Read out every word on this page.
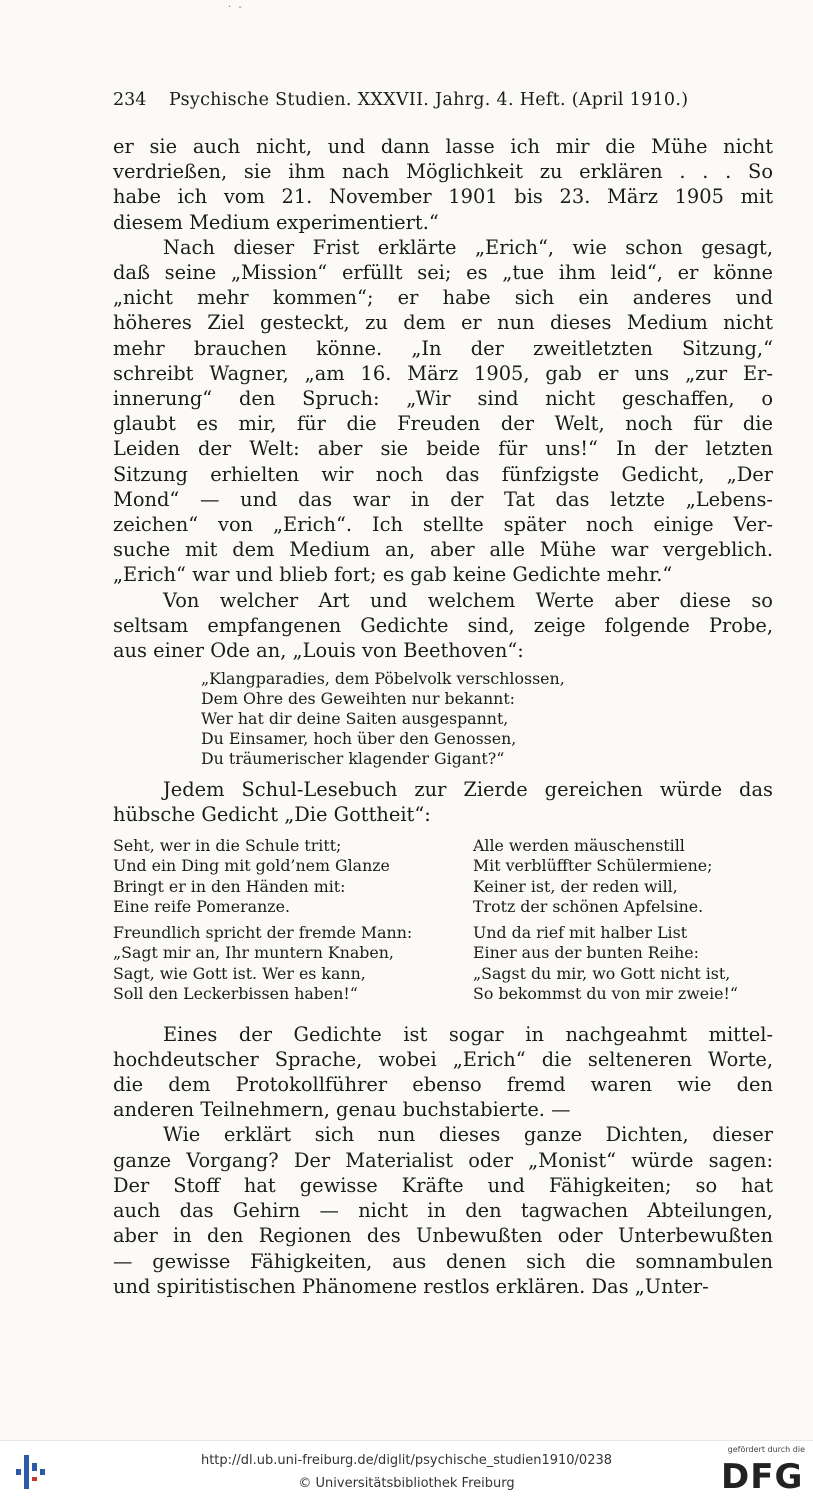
· -
234 Psychische Studien. XXXVII. Jahrg. 4. Heft. (April 1910.)

er sie auch nicht, und dann lasse ich mir die Mühe nicht

verdrießen, sie ihm nach Möglichkeit zu erklären . . . So

habe ich vom 21. November 1901 bis 23. März 1905 mit

diesem Medium experimentiert.“

Nach dieser Frist erklärte „Erich“, wie schon gesagt,

daß seine „Mission“ erfüllt sei; es „tue ihm leid“, er könne

„nicht mehr kommen“; er habe sich ein anderes und

höheres Ziel gesteckt, zu dem er nun dieses Medium nicht

mehr brauchen könne. „In der zweitletzten Sitzung,“

schreibt Wagner, „am 16. März 1905, gab er uns „zur Er-

innerung“ den Spruch: „Wir sind nicht geschaffen, o

glaubt es mir, für die Freuden der Welt, noch für die

Leiden der Welt: aber sie beide für uns!“ In der letzten

Sitzung erhielten wir noch das fünfzigste Gedicht, „Der

Mond“ — und das war in der Tat das letzte „Lebens-

zeichen“ von „Erich“. Ich stellte später noch einige Ver-

suche mit dem Medium an, aber alle Mühe war vergeblich.

„Erich“ war und blieb fort; es gab keine Gedichte mehr.“

Von welcher Art und welchem Werte aber diese so

seltsam empfangenen Gedichte sind, zeige folgende Probe,

aus einer Ode an, „Louis von Beethoven“:

„Klangparadies, dem Pöbelvolk verschlossen,
Dem Ohre des Geweihten nur bekannt:
Wer hat dir deine Saiten ausgespannt,
Du Einsamer, hoch über den Genossen,
Du träumerischer klagender Gigant?“

Jedem Schul-Lesebuch zur Zierde gereichen würde das

hübsche Gedicht „Die Gottheit“:

Seht, wer in die Schule tritt;
Und ein Ding mit gold’nem Glanze
Bringt er in den Händen mit:
Eine reife Pomeranze.
Freundlich spricht der fremde Mann:
„Sagt mir an, Ihr muntern Knaben,
Sagt, wie Gott ist. Wer es kann,
Soll den Leckerbissen haben!“
Alle werden mäuschenstill
Mit verblüffter Schülermiene;
Keiner ist, der reden will,
Trotz der schönen Apfelsine.
Und da rief mit halber List
Einer aus der bunten Reihe:
„Sagst du mir, wo Gott nicht ist,
So bekommst du von mir zweie!“

Eines der Gedichte ist sogar in nachgeahmt mittel-

hochdeutscher Sprache, wobei „Erich“ die selteneren Worte,

die dem Protokollführer ebenso fremd waren wie den

anderen Teilnehmern, genau buchstabierte. —

Wie erklärt sich nun dieses ganze Dichten, dieser

ganze Vorgang? Der Materialist oder „Monist“ würde sagen:

Der Stoff hat gewisse Kräfte und Fähigkeiten; so hat

auch das Gehirn — nicht in den tagwachen Abteilungen,

aber in den Regionen des Unbewußten oder Unterbewußten

— gewisse Fähigkeiten, aus denen sich die somnambulen

und spiritistischen Phänomene restlos erklären. Das „Unter-

http://dl.ub.uni-freiburg.de/diglit/psychische_studien1910/0238
© Universitätsbibliothek Freiburg
gefördert durch die
DFG
